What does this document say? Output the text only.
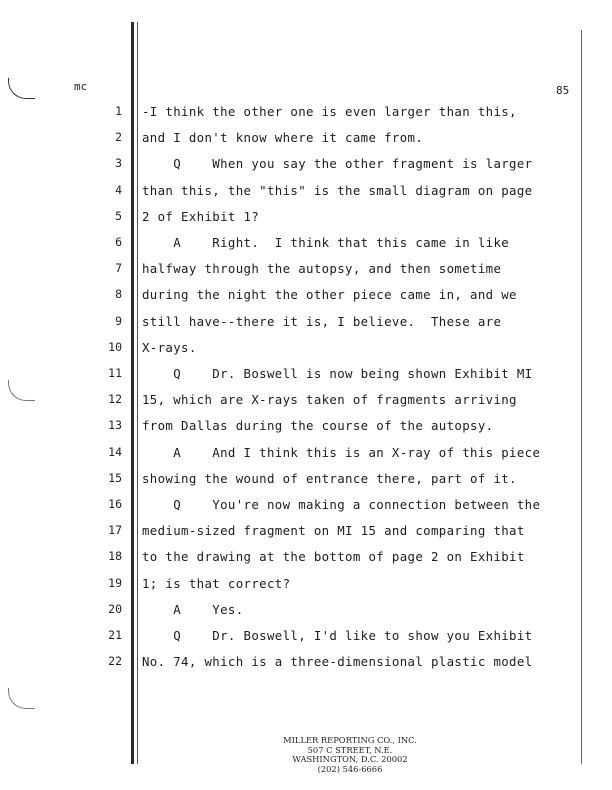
mc	85
1 -I think the other one is even larger than this,
2 and I don't know where it came from.
3 Q    When you say the other fragment is larger
4 than this, the "this" is the small diagram on page
5 2 of Exhibit 1?
6 A    Right.  I think that this came in like
7 halfway through the autopsy, and then sometime
8 during the night the other piece came in, and we
9 still have--there it is, I believe.  These are
10 X-rays.
11 Q    Dr. Boswell is now being shown Exhibit MI
12 15, which are X-rays taken of fragments arriving
13 from Dallas during the course of the autopsy.
14 A    And I think this is an X-ray of this piece
15 showing the wound of entrance there, part of it.
16 Q    You're now making a connection between the
17 medium-sized fragment on MI 15 and comparing that
18 to the drawing at the bottom of page 2 on Exhibit
19 1; is that correct?
20 A    Yes.
21 Q    Dr. Boswell, I'd like to show you Exhibit
22 No. 74, which is a three-dimensional plastic model
MILLER REPORTING CO., INC.
507 C STREET, N.E.
WASHINGTON, D.C. 20002
(202) 546-6666
